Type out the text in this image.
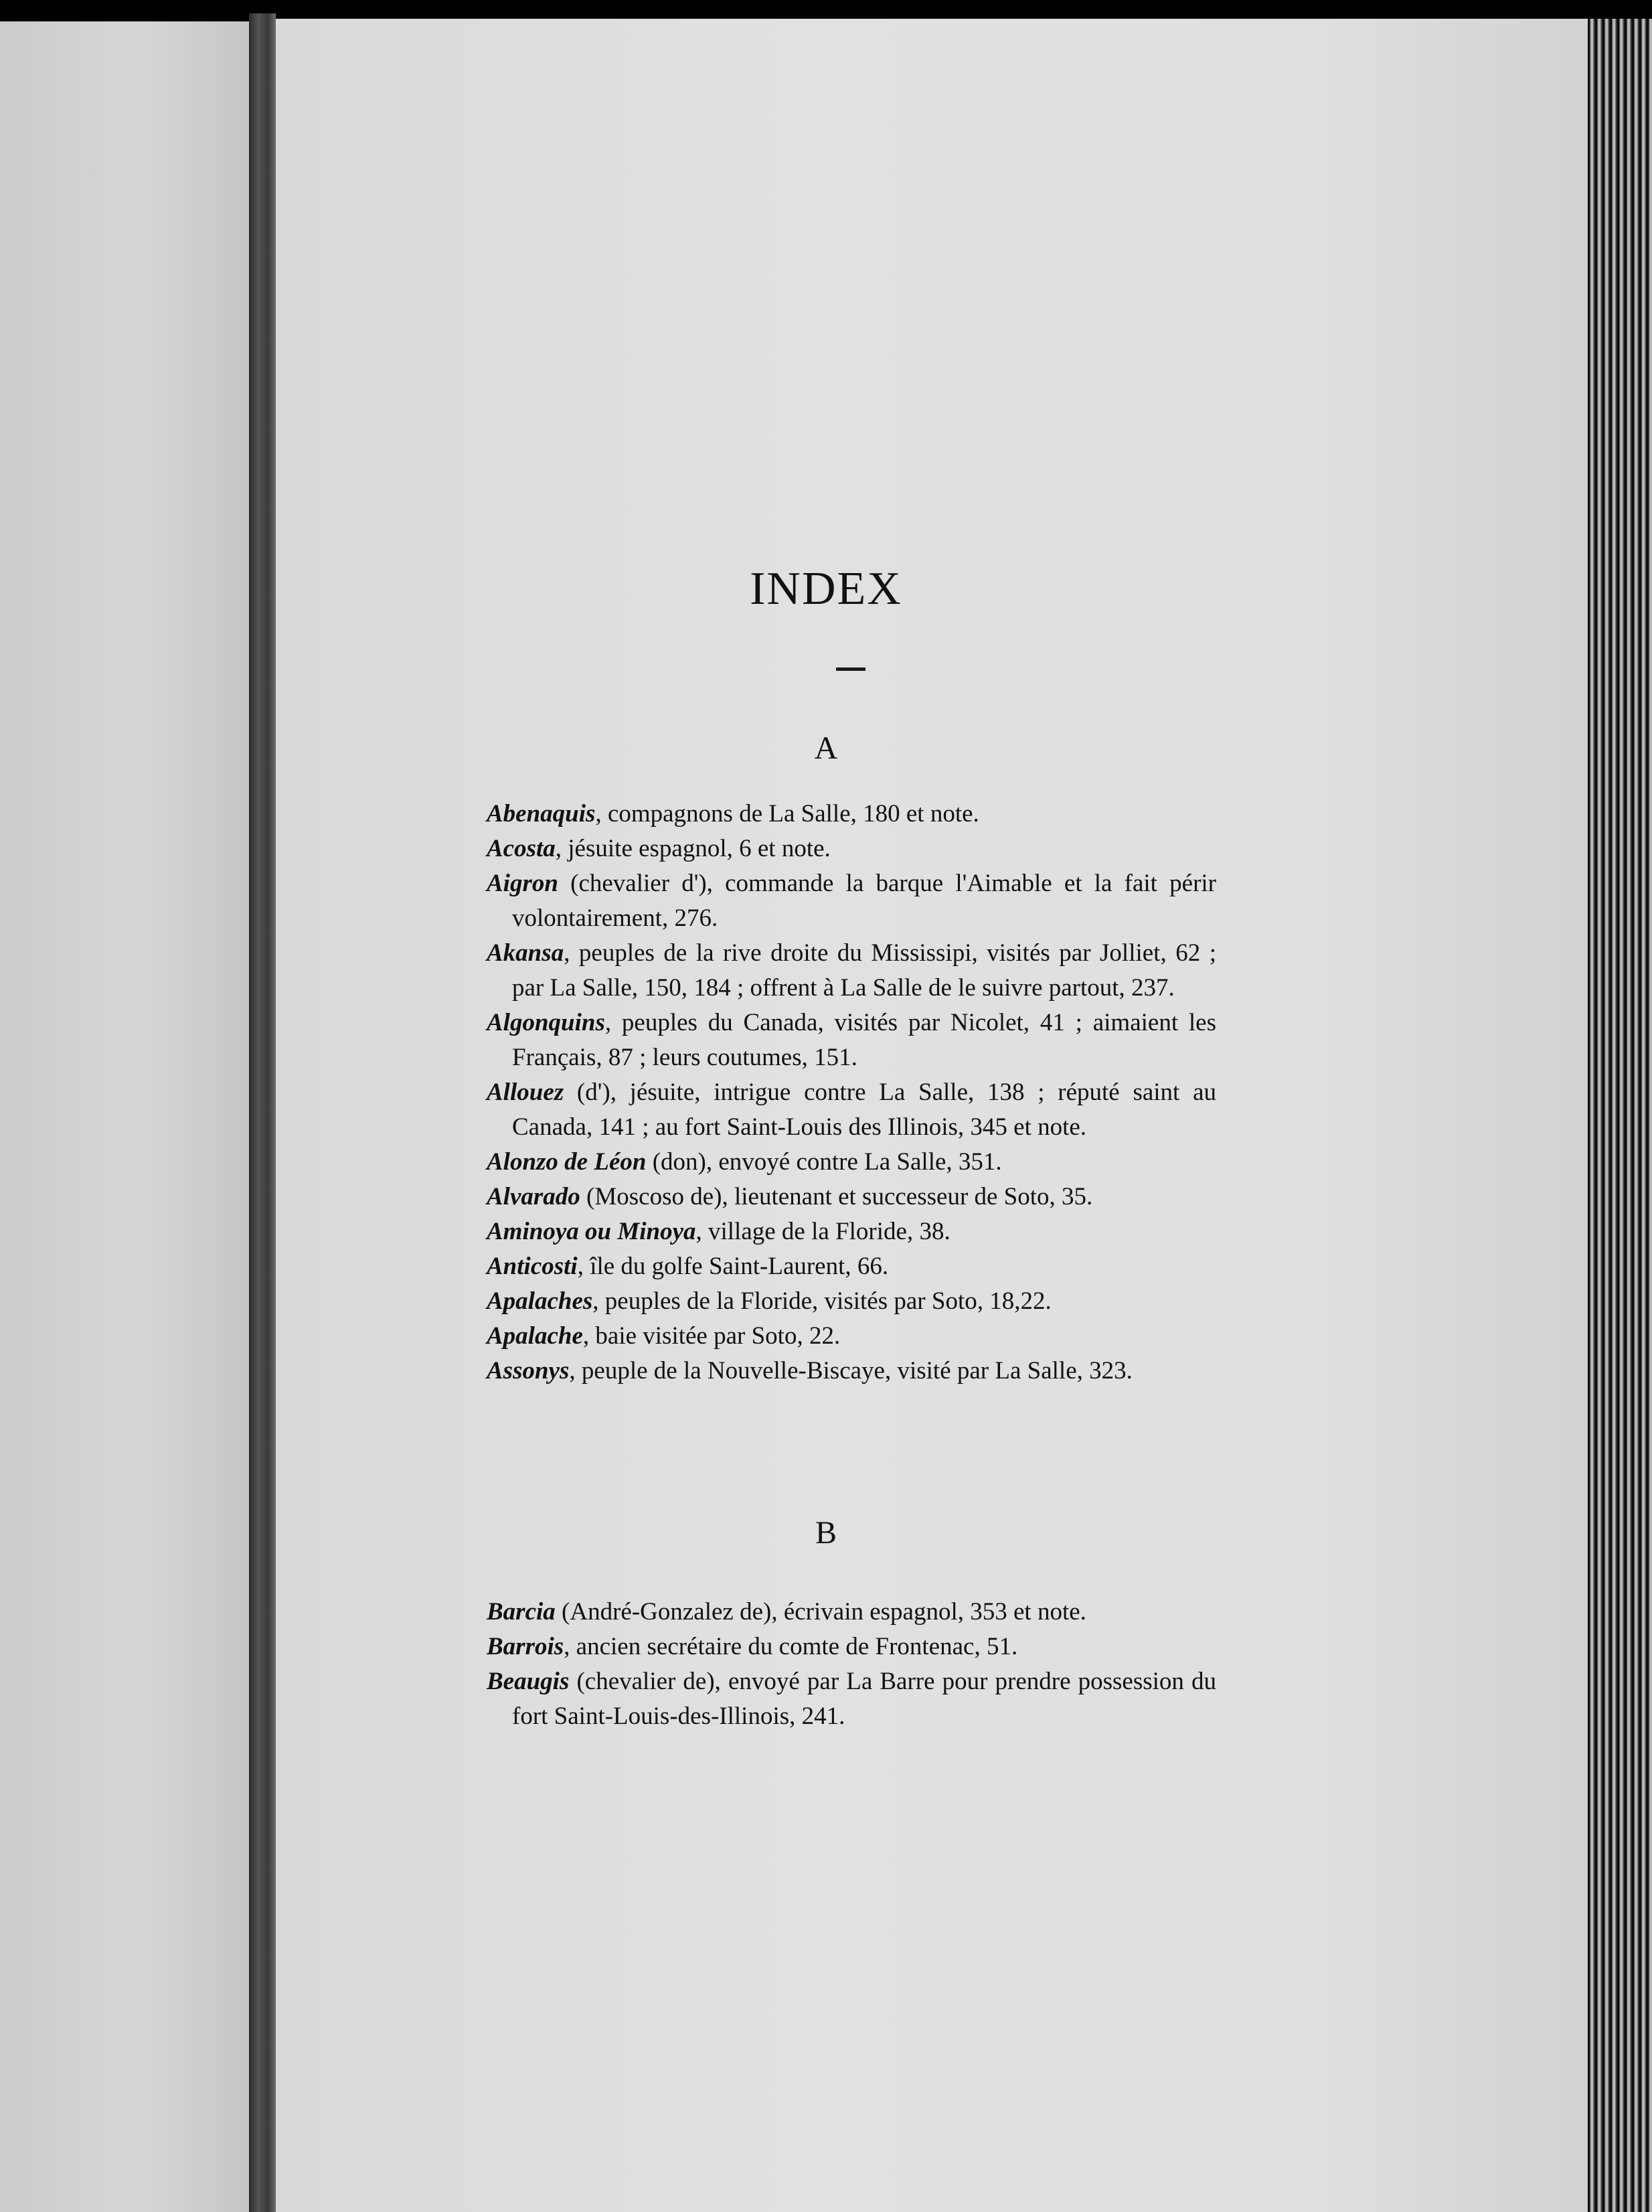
INDEX
A

Abenaquis, compagnons de La Salle, 180 et note.

Acosta, jésuite espagnol, 6 et note.

Aigron (chevalier d'), commande la barque l'Aimable et la fait périr volontairement, 276.

Akansa, peuples de la rive droite du Mississipi, visités par Jolliet, 62 ; par La Salle, 150, 184 ; offrent à La Salle de le suivre partout, 237.

Algonquins, peuples du Canada, visités par Nicolet, 41 ; aimaient les Français, 87 ; leurs coutumes, 151.

Allouez (d'), jésuite, intrigue contre La Salle, 138 ; réputé saint au Canada, 141 ; au fort Saint-Louis des Illinois, 345 et note.

Alonzo de Léon (don), envoyé contre La Salle, 351.

Alvarado (Moscoso de), lieutenant et successeur de Soto, 35.

Aminoya ou Minoya, village de la Floride, 38.

Anticosti, île du golfe Saint-Laurent, 66.

Apalaches, peuples de la Floride, visités par Soto, 18,22.

Apalache, baie visitée par Soto, 22.

Assonys, peuple de la Nouvelle-Biscaye, visité par La Salle, 323.

B

Barcia (André-Gonzalez de), écrivain espagnol, 353 et note.

Barrois, ancien secrétaire du comte de Frontenac, 51.

Beaugis (chevalier de), envoyé par La Barre pour prendre possession du fort Saint-Louis-des-Illinois, 241.
